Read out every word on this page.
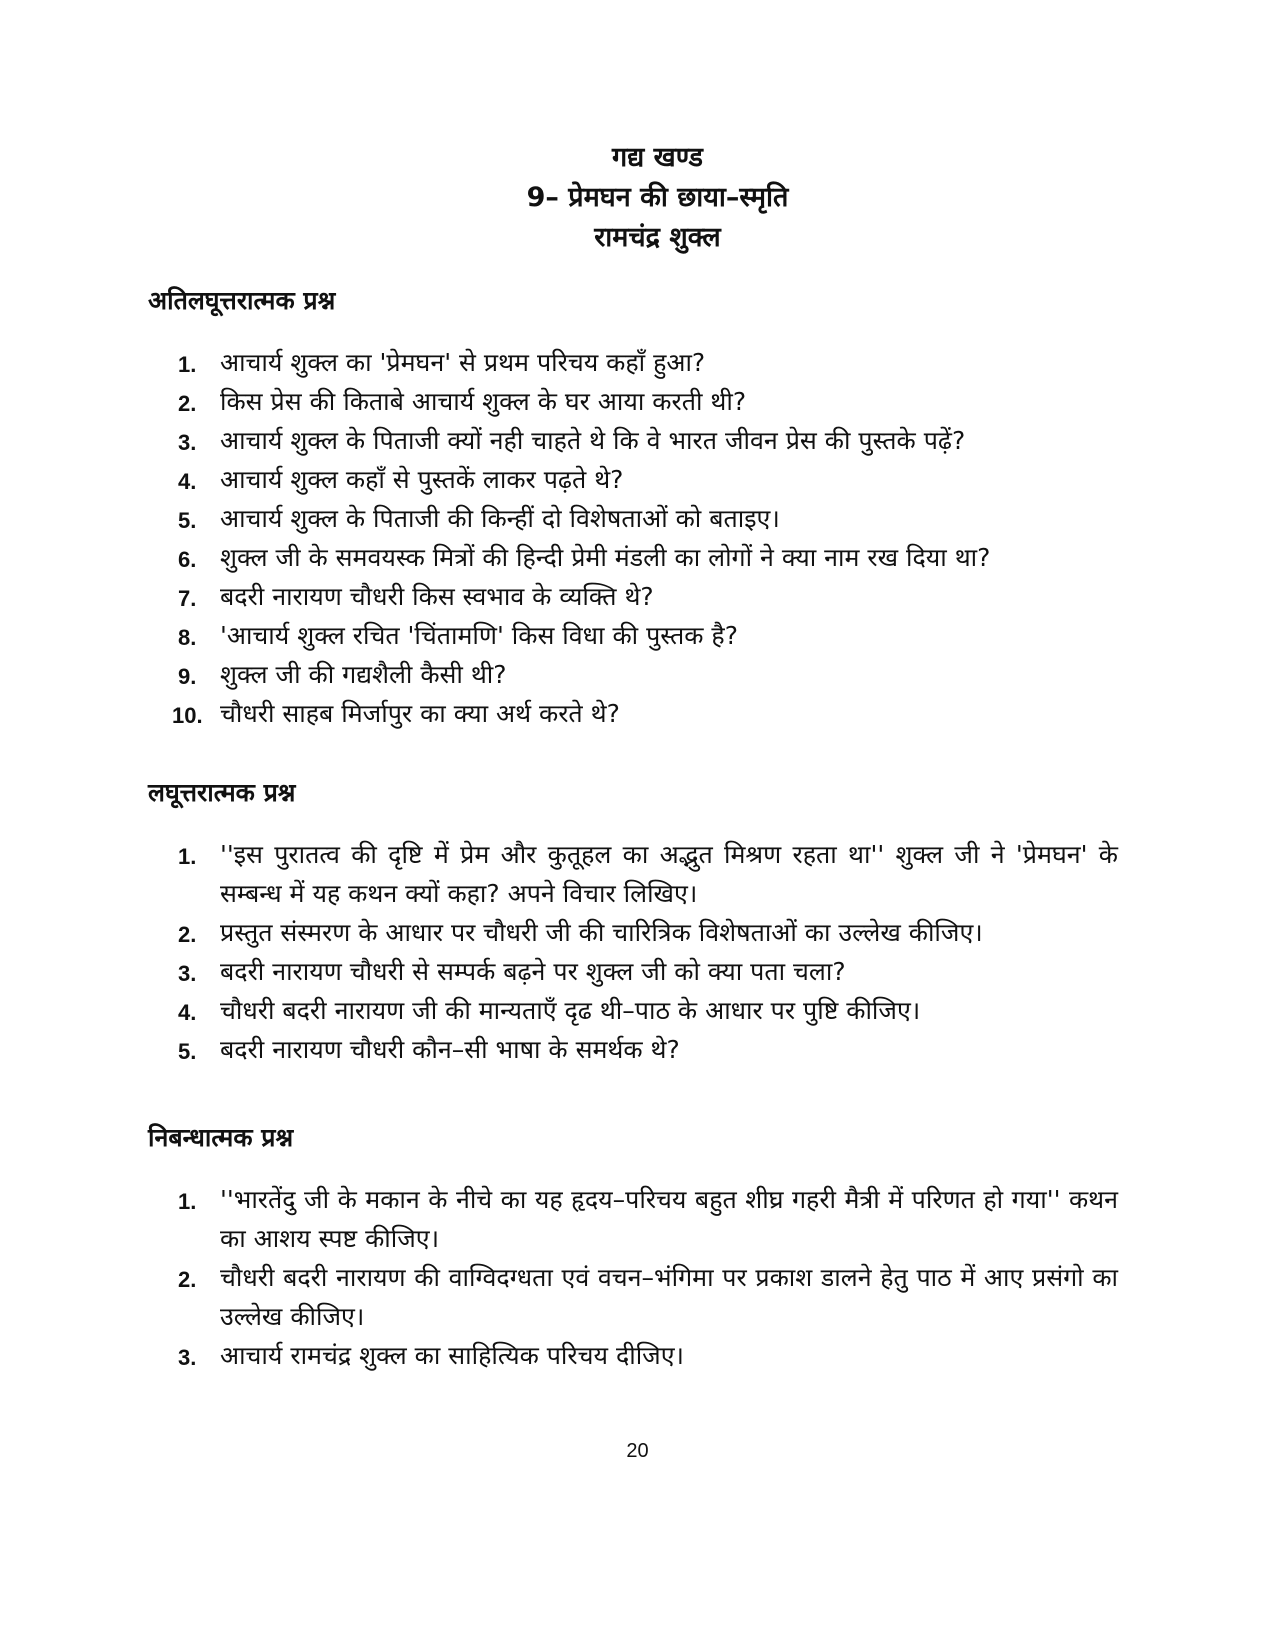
गद्य खण्ड
9– प्रेमघन की छाया–स्मृति
रामचंद्र शुक्ल
अतिलघूत्तरात्मक प्रश्न
1. आचार्य शुक्ल का 'प्रेमघन' से प्रथम परिचय कहाँ हुआ?
2. किस प्रेस की किताबे आचार्य शुक्ल के घर आया करती थी?
3. आचार्य शुक्ल के पिताजी क्यों नही चाहते थे कि वे भारत जीवन प्रेस की पुस्तके पढ़ें?
4. आचार्य शुक्ल कहाँ से पुस्तकें लाकर पढ़ते थे?
5. आचार्य शुक्ल के पिताजी की किन्हीं दो विशेषताओं को बताइए।
6. शुक्ल जी के समवयस्क मित्रों की हिन्दी प्रेमी मंडली का लोगों ने क्या नाम रख दिया था?
7. बदरी नारायण चौधरी किस स्वभाव के व्यक्ति थे?
8. 'आचार्य शुक्ल रचित 'चिंतामणि' किस विधा की पुस्तक है?
9. शुक्ल जी की गद्यशैली कैसी थी?
10. चौधरी साहब मिर्जापुर का क्या अर्थ करते थे?
लघूत्तरात्मक प्रश्न
1. ''इस पुरातत्व की दृष्टि में प्रेम और कुतूहल का अद्भुत मिश्रण रहता था'' शुक्ल जी ने 'प्रेमघन' के सम्बन्ध में यह कथन क्यों कहा? अपने विचार लिखिए।
2. प्रस्तुत संस्मरण के आधार पर चौधरी जी की चारित्रिक विशेषताओं का उल्लेख कीजिए।
3. बदरी नारायण चौधरी से सम्पर्क बढ़ने पर शुक्ल जी को क्या पता चला?
4. चौधरी बदरी नारायण जी की मान्यताएँ दृढ थी–पाठ के आधार पर पुष्टि कीजिए।
5. बदरी नारायण चौधरी कौन–सी भाषा के समर्थक थे?
निबन्धात्मक प्रश्न
1. ''भारतेंदु जी के मकान के नीचे का यह हृदय–परिचय बहुत शीघ्र गहरी मैत्री में परिणत हो गया'' कथन का आशय स्पष्ट कीजिए।
2. चौधरी बदरी नारायण की वाग्विदग्धता एवं वचन–भंगिमा पर प्रकाश डालने हेतु पाठ में आए प्रसंगो का उल्लेख कीजिए।
3. आचार्य रामचंद्र शुक्ल का साहित्यिक परिचय दीजिए।
20
